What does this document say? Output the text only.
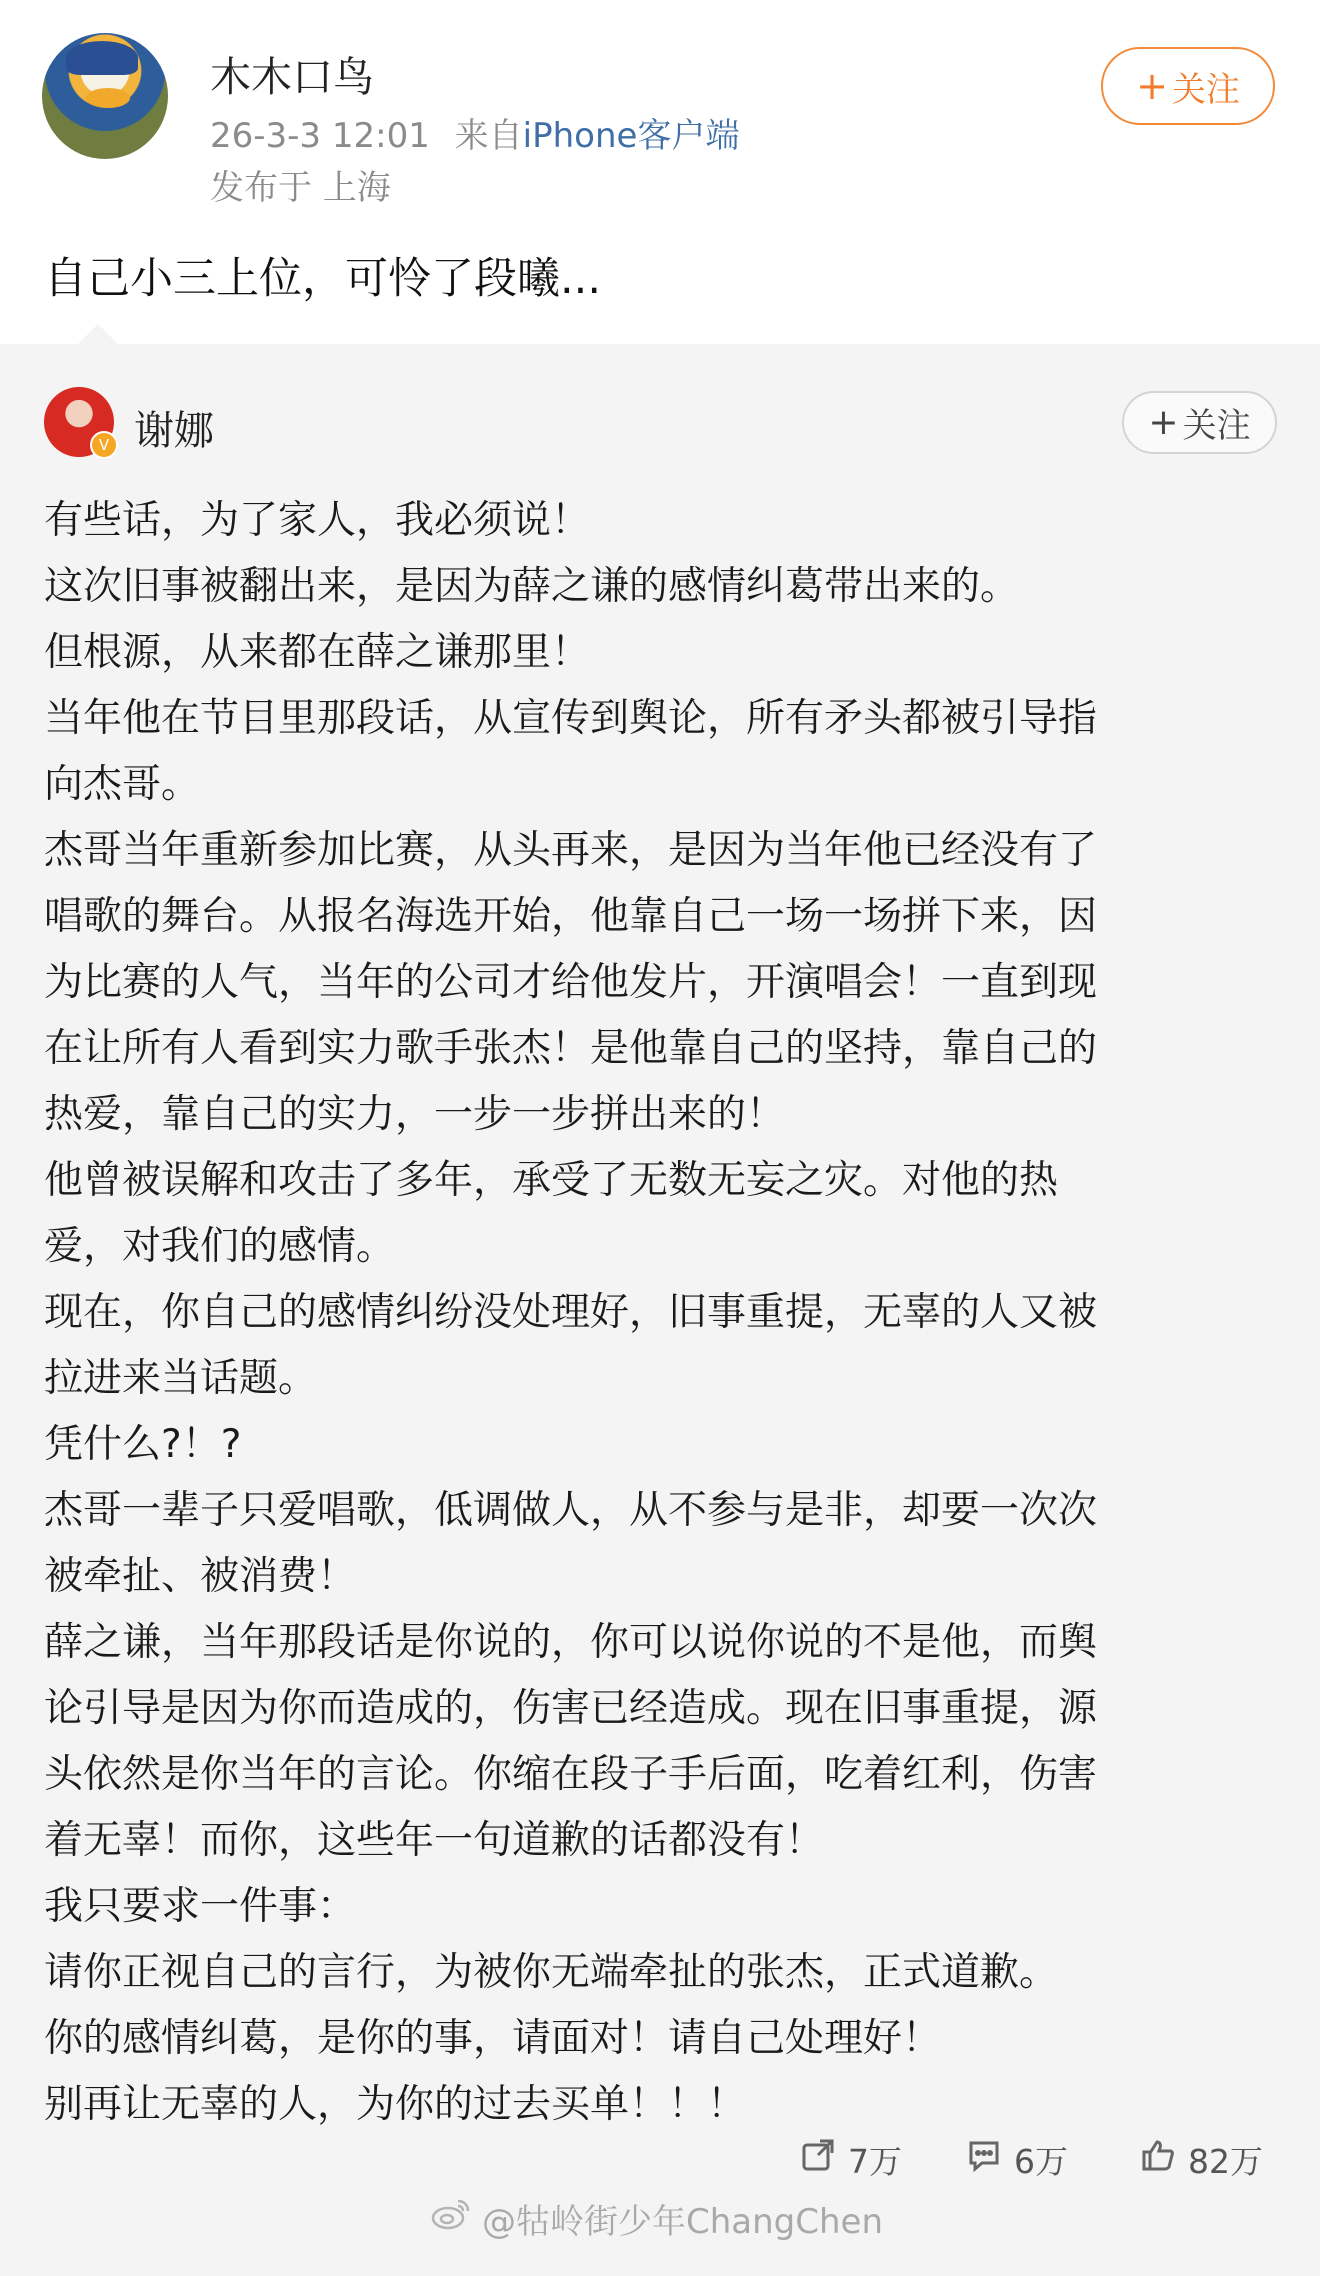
木木口鸟
26-3-3 12:01 来自iPhone客户端
发布于 上海
+ 关注
自己小三上位，可怜了段曦...
V 谢娜	+ 关注
有些话，为了家人，我必须说！
这次旧事被翻出来，是因为薛之谦的感情纠葛带出来的。
但根源，从来都在薛之谦那里！
当年他在节目里那段话，从宣传到舆论，所有矛头都被引导指
向杰哥。
杰哥当年重新参加比赛，从头再来，是因为当年他已经没有了
唱歌的舞台。从报名海选开始，他靠自己一场一场拼下来，因
为比赛的人气，当年的公司才给他发片，开演唱会！一直到现
在让所有人看到实力歌手张杰！是他靠自己的坚持，靠自己的
热爱，靠自己的实力，一步一步拼出来的！
他曾被误解和攻击了多年，承受了无数无妄之灾。对他的热
爱，对我们的感情。
现在，你自己的感情纠纷没处理好，旧事重提，无辜的人又被
拉进来当话题。
凭什么?！?
杰哥一辈子只爱唱歌，低调做人，从不参与是非，却要一次次
被牵扯、被消费！
薛之谦，当年那段话是你说的，你可以说你说的不是他，而舆
论引导是因为你而造成的，伤害已经造成。现在旧事重提，源
头依然是你当年的言论。你缩在段子手后面，吃着红利，伤害
着无辜！而你，这些年一句道歉的话都没有！
我只要求一件事：
请你正视自己的言行，为被你无端牵扯的张杰，正式道歉。
你的感情纠葛，是你的事，请面对！请自己处理好！
别再让无辜的人，为你的过去买单！！！
7万	6万	82万
@牯岭街少年ChangChen
